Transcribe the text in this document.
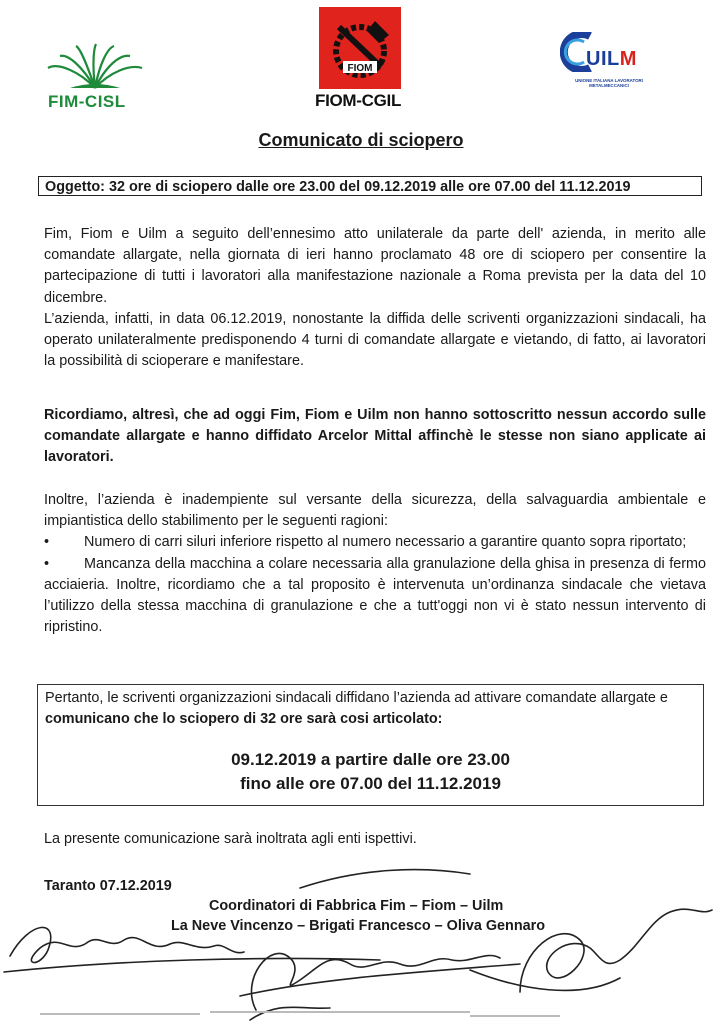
FIM-CISL
FIOM
FIOM-CGIL
UILM
UNIONE ITALIANA LAVORATORI METALMECCANICI
Comunicato di sciopero
Oggetto: 32 ore di sciopero dalle ore 23.00 del 09.12.2019 alle ore 07.00 del 11.12.2019
Fim, Fiom e Uilm a seguito dell’ennesimo atto unilaterale da parte dell' azienda, in merito alle comandate allargate, nella giornata di ieri hanno proclamato 48 ore di sciopero per consentire la partecipazione di tutti i lavoratori alla manifestazione nazionale a Roma prevista per la data del 10 dicembre.
L’azienda, infatti, in data 06.12.2019, nonostante la diffida delle scriventi organizzazioni sindacali, ha operato unilateralmente predisponendo 4 turni di comandate allargate e vietando, di fatto, ai lavoratori la possibilità di scioperare e manifestare.
Ricordiamo, altresì, che ad oggi Fim, Fiom e Uilm non hanno sottoscritto nessun accordo sulle comandate allargate e hanno diffidato Arcelor Mittal affinchè le stesse non siano applicate ai lavoratori.
Inoltre, l’azienda è inadempiente sul versante della sicurezza, della salvaguardia ambientale e impiantistica dello stabilimento per le seguenti ragioni:
• Numero di carri siluri inferiore rispetto al numero necessario a garantire quanto sopra riportato;
• Mancanza della macchina a colare necessaria alla granulazione della ghisa in presenza di fermo acciaieria. Inoltre, ricordiamo che a tal proposito è intervenuta un’ordinanza sindacale che vietava l’utilizzo della stessa macchina di granulazione e che a tutt'oggi non vi è stato nessun intervento di ripristino.
Pertanto, le scriventi organizzazioni sindacali diffidano l’azienda ad attivare comandate allargate e comunicano che lo sciopero di 32 ore sarà cosi articolato:
09.12.2019 a partire dalle ore 23.00
fino alle ore 07.00 del 11.12.2019
La presente comunicazione sarà inoltrata agli enti ispettivi.
Taranto 07.12.2019
Coordinatori di Fabbrica Fim – Fiom – Uilm
La Neve Vincenzo – Brigati Francesco – Oliva Gennaro
